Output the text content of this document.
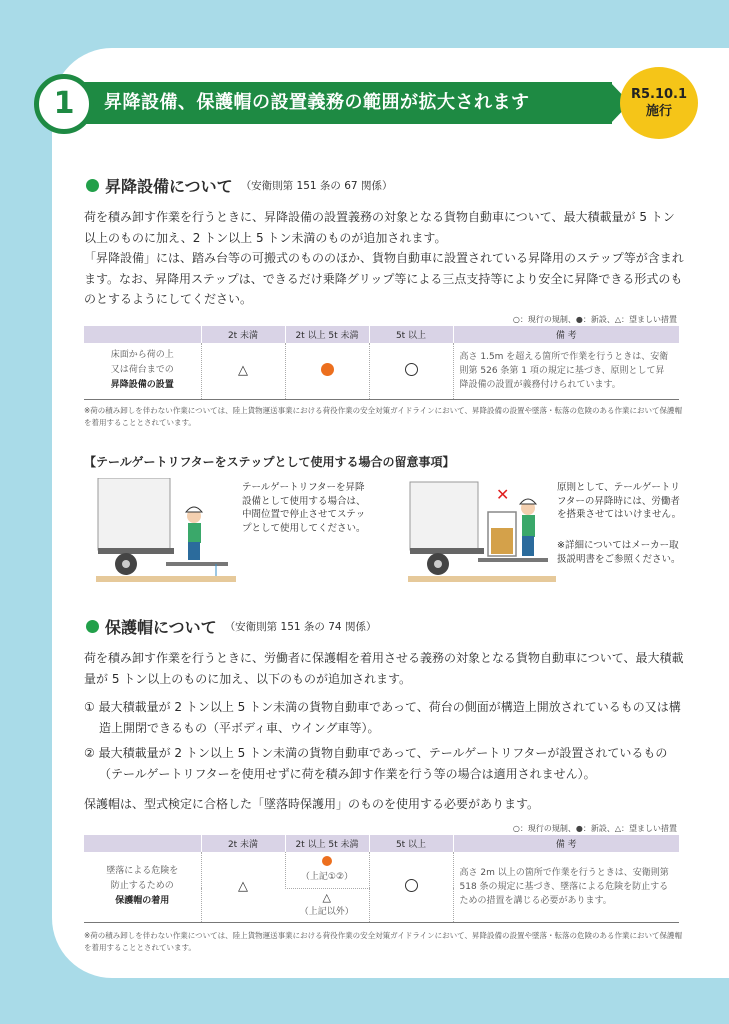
昇降設備、保護帽の設置義務の範囲が拡大されます
1	R5.10.1
施行
昇降設備について （安衛則第 151 条の 67 関係）

荷を積み卸す作業を行うときに、昇降設備の設置義務の対象となる貨物自動車について、最大積載量が 5 トン以上のものに加え、2 トン以上 5 トン未満のものが追加されます。

「昇降設備」には、踏み台等の可搬式のもののほか、貨物自動車に設置されている昇降用のステップ等が含まれます。なお、昇降用ステップは、できるだけ乗降グリップ等による三点支持等により安全に昇降できる形式のものとするようにしてください。

○：現行の規制、●：新設、△：望ましい措置
	2t 未満	2t 以上 5t 未満	5t 以上	備 考

床面から荷の上
又は荷台までの
昇降設備の設置	△			高さ 1.5m を超える箇所で作業を行うときは、安衛則第 526 条第 1 項の規定に基づき、原則として昇降設備の設置が義務付けられています。

※荷の積み卸しを伴わない作業については、陸上貨物運送事業における荷役作業の安全対策ガイドラインにおいて、昇降設備の設置や墜落・転落の危険のある作業において保護帽を着用することとされています。

【テールゲートリフターをステップとして使用する場合の留意事項】
テールゲートリフターを昇降設備として使用する場合は、中間位置で停止させてステップとして使用してください。
✕	原則として、テールゲートリフターの昇降時には、労働者を搭乗させてはいけません。
※詳細についてはメーカー取扱説明書をご参照ください。
保護帽について （安衛則第 151 条の 74 関係）

荷を積み卸す作業を行うときに、労働者に保護帽を着用させる義務の対象となる貨物自動車について、最大積載量が 5 トン以上のものに加え、以下のものが追加されます。

① 最大積載量が 2 トン以上 5 トン未満の貨物自動車であって、荷台の側面が構造上開放されているもの又は構造上開閉できるもの（平ボディ車、ウイング車等）。

② 最大積載量が 2 トン以上 5 トン未満の貨物自動車であって、テールゲートリフターが設置されているもの（テールゲートリフターを使用せずに荷を積み卸す作業を行う等の場合は適用されません）。

保護帽は、型式検定に合格した「墜落時保護用」のものを使用する必要があります。

○：現行の規制、●：新設、△：望ましい措置
	2t 未満	2t 以上 5t 未満	5t 以上	備 考

墜落による危険を
防止するための
保護帽の着用	△	（上記①②）		高さ 2m 以上の箇所で作業を行うときは、安衛則第 518 条の規定に基づき、墜落による危険を防止するための措置を講じる必要があります。

		△
（上記以外）		

※荷の積み卸しを伴わない作業については、陸上貨物運送事業における荷役作業の安全対策ガイドラインにおいて、昇降設備の設置や墜落・転落の危険のある作業において保護帽を着用することとされています。
